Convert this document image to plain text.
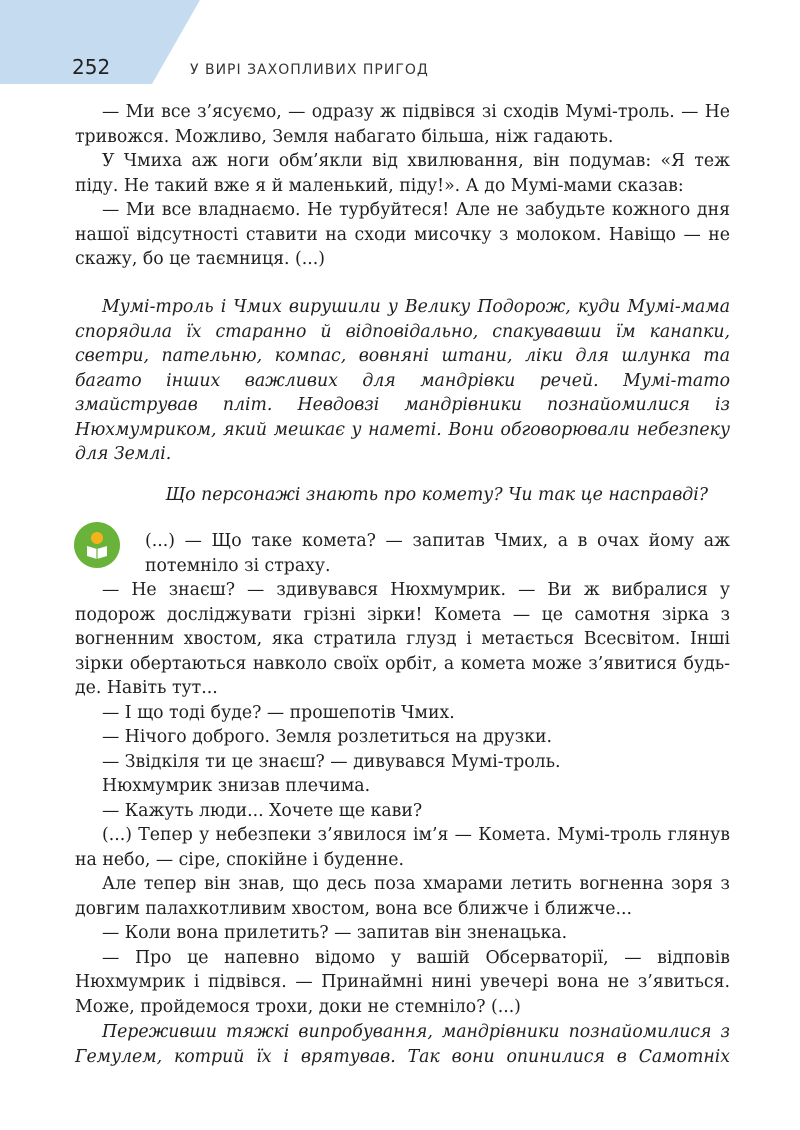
252	У ВИРІ ЗАХОПЛИВИХ ПРИГОД

— Ми все з’ясуємо, — одразу ж підвівся зі сходів Мумі-троль. — Не тривожся. Можливо, Земля набагато більша, ніж гадають.

У Чмиха аж ноги обм’якли від хвилювання, він подумав: «Я теж піду. Не такий вже я й маленький, піду!». А до Мумі-мами сказав:

— Ми все владнаємо. Не турбуйтеся! Але не забудьте кожного дня нашої відсутності ставити на сходи мисочку з молоком. Навіщо — не скажу, бо це таємниця. (...)

Мумі-троль і Чмих вирушили у Велику Подорож, куди Мумі-мама спорядила їх старанно й відповідально, спакувавши їм канапки, светри, пательню, компас, вовняні штани, ліки для шлунка та багато інших важливих для мандрівки речей. Мумі-тато змайстрував пліт. Невдовзі мандрівники познайомилися із Нюхмумриком, який мешкає у наметі. Вони обговорювали небезпеку для Землі.

Що персонажі знають про комету? Чи так це насправді?

(...) — Що таке комета? — запитав Чмих, а в очах йому аж потемніло зі страху.

— Не знаєш? — здивувався Нюхмумрик. — Ви ж вибралися у подорож досліджувати грізні зірки! Комета — це самотня зірка з вогненним хвостом, яка стратила глузд і метається Всесвітом. Інші зірки обертаються навколо своїх орбіт, а комета може з’явитися будь-де. Навіть тут...

— І що тоді буде? — прошепотів Чмих.

— Нічого доброго. Земля розлетиться на друзки.

— Звідкіля ти це знаєш? — дивувався Мумі-троль.

Нюхмумрик знизав плечима.

— Кажуть люди... Хочете ще кави?

(...) Тепер у небезпеки з’явилося ім’я — Комета. Мумі-троль глянув на небо, — сіре, спокійне і буденне.

Але тепер він знав, що десь поза хмарами летить вогненна зоря з довгим палахкотливим хвостом, вона все ближче і ближче...

— Коли вона прилетить? — запитав він зненацька.

— Про це напевно відомо у вашій Обсерваторії, — відповів Нюхмумрик і підвівся. — Принаймні нині увечері вона не з’явиться. Може, пройдемося трохи, доки не стемніло? (...)

Переживши тяжкі випробування, мандрівники познайомилися з Гемулем, котрий їх і врятував. Так вони опинилися в Самотніх
